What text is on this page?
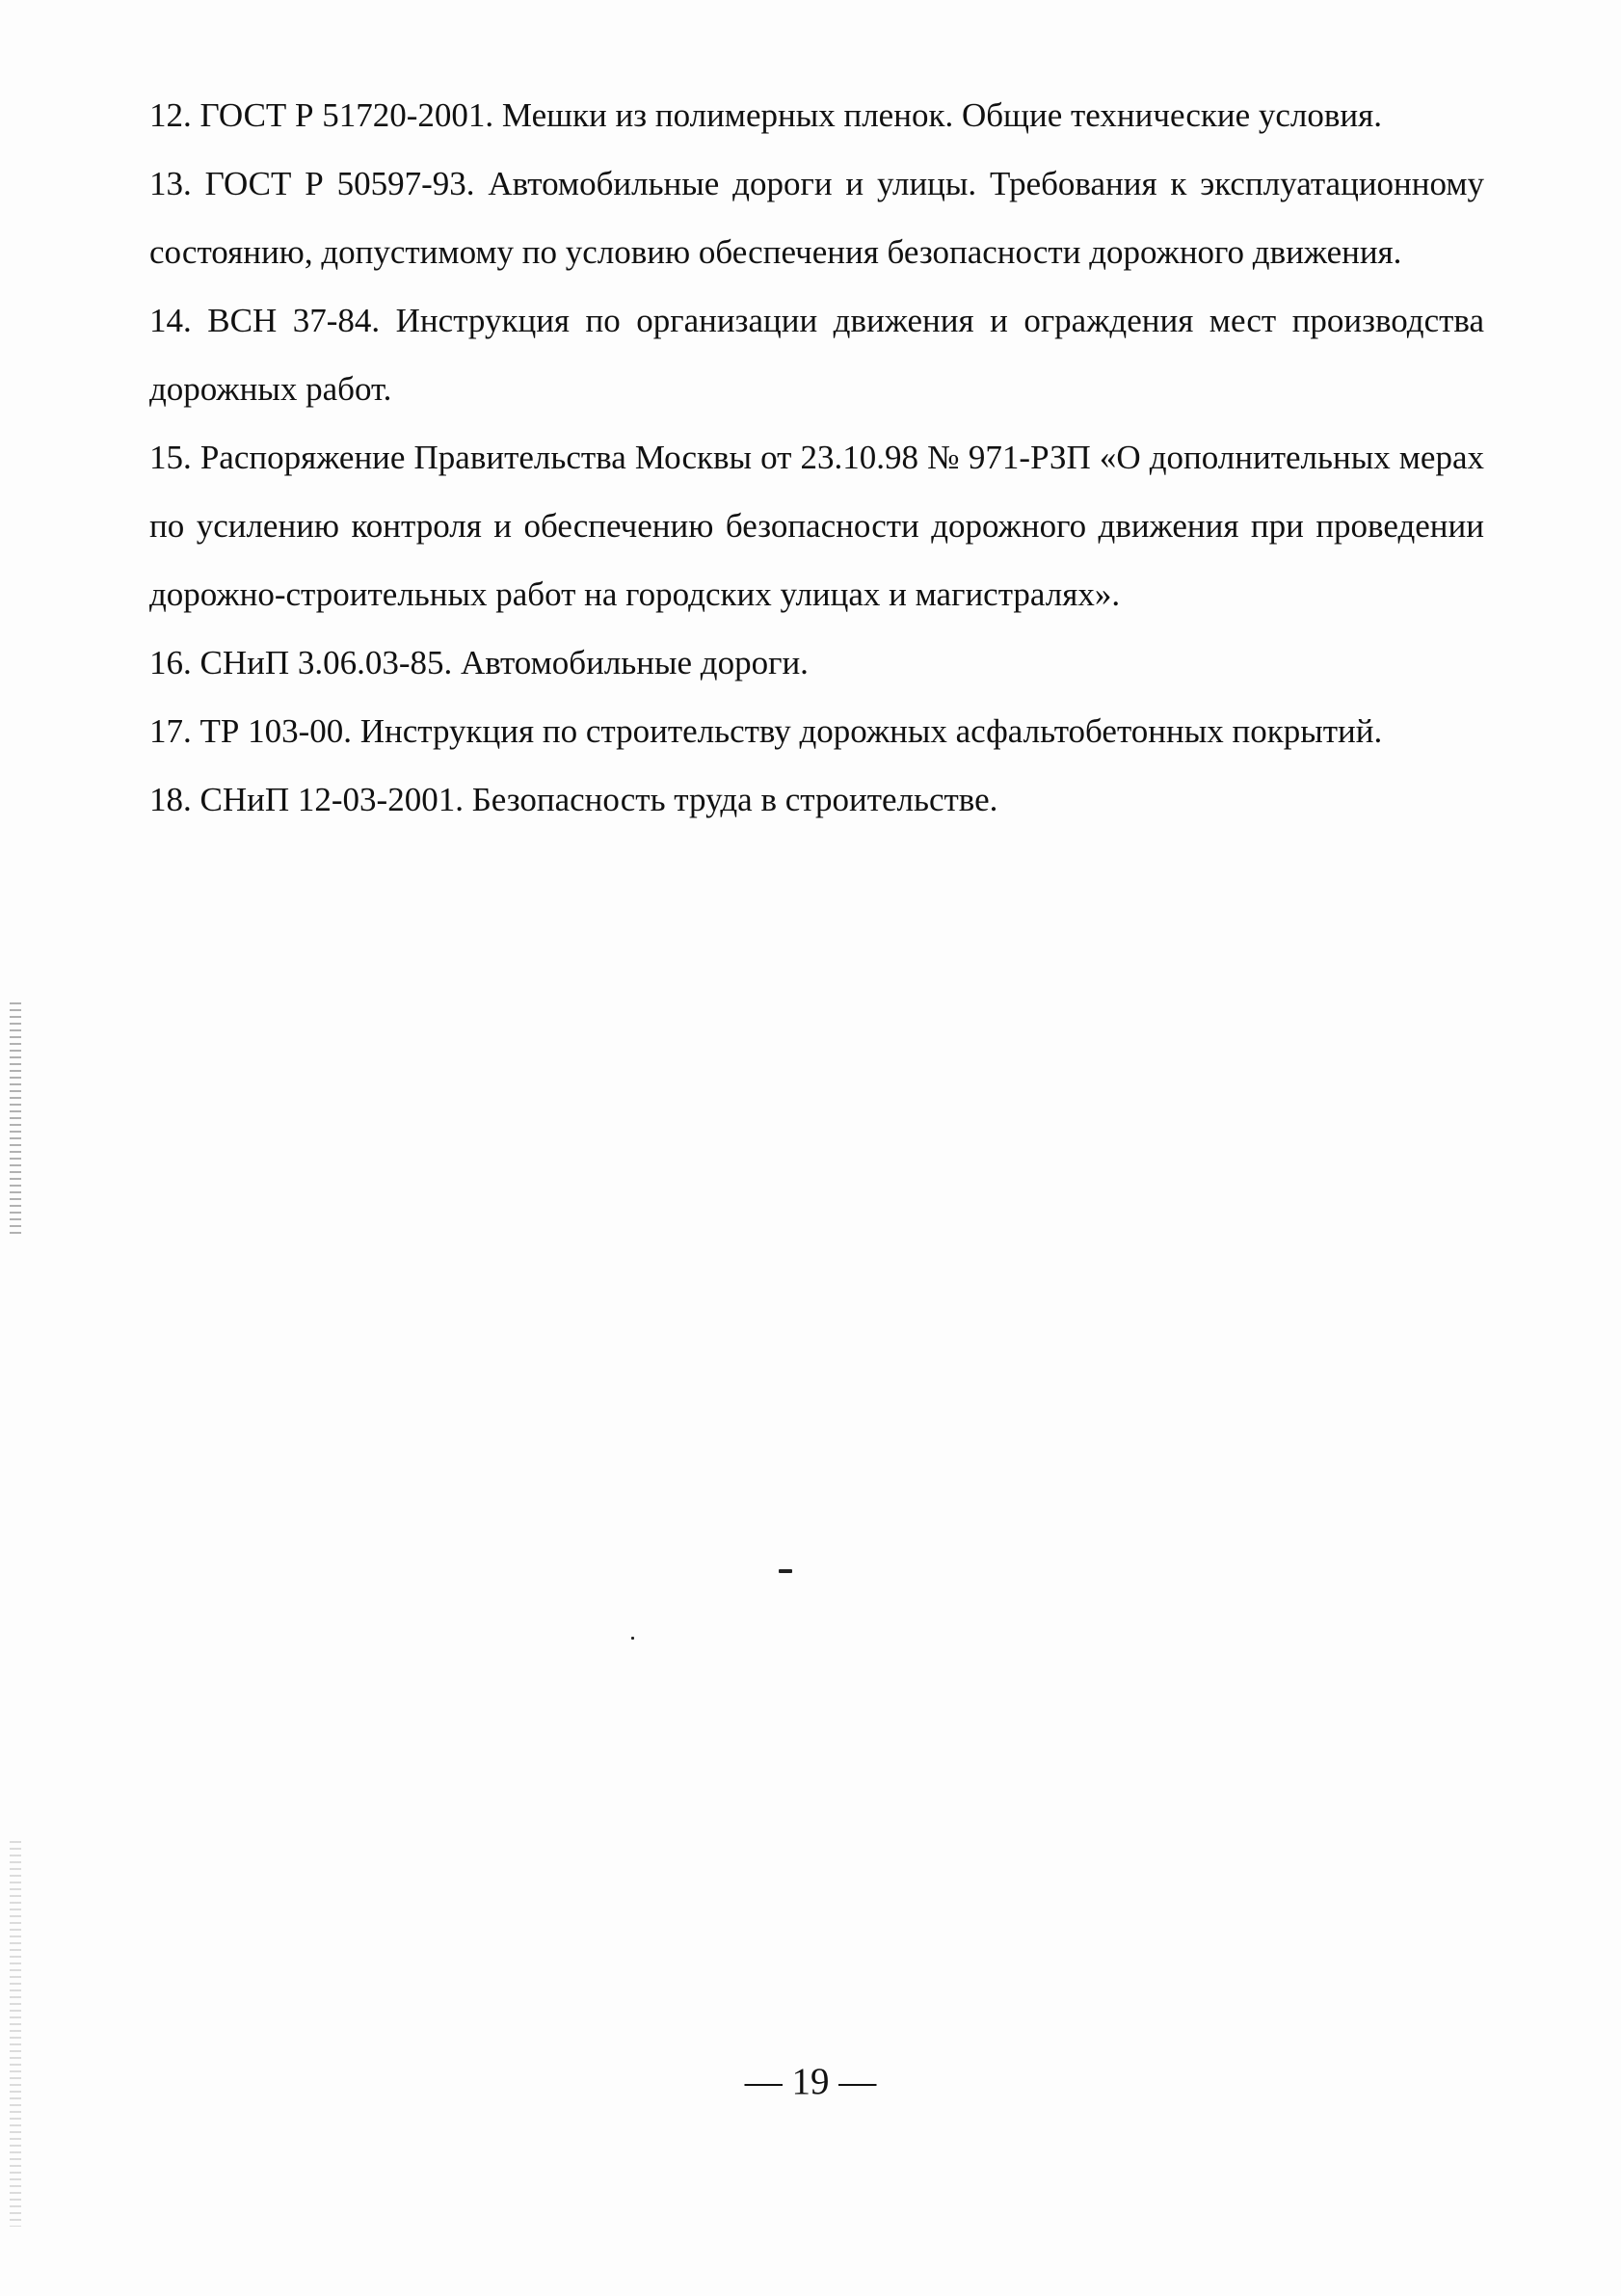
12. ГОСТ Р 51720-2001. Мешки из полимерных пленок. Общие технические условия.
13. ГОСТ Р 50597-93. Автомобильные дороги и улицы. Требования к эксплуатационному состоянию, допустимому по условию обеспечения безопасности дорожного движения.
14. ВСН 37-84. Инструкция по организации движения и ограждения мест производства дорожных работ.
15. Распоряжение Правительства Москвы от 23.10.98 № 971-РЗП «О дополнительных мерах по усилению контроля и обеспечению безопасности дорожного движения при проведении дорожно-строительных работ на городских улицах и магистралях».
16. СНиП 3.06.03-85. Автомобильные дороги.
17. ТР 103-00. Инструкция по строительству дорожных асфальтобетонных покрытий.
18. СНиП 12-03-2001. Безопасность труда в строительстве.
— 19 —
